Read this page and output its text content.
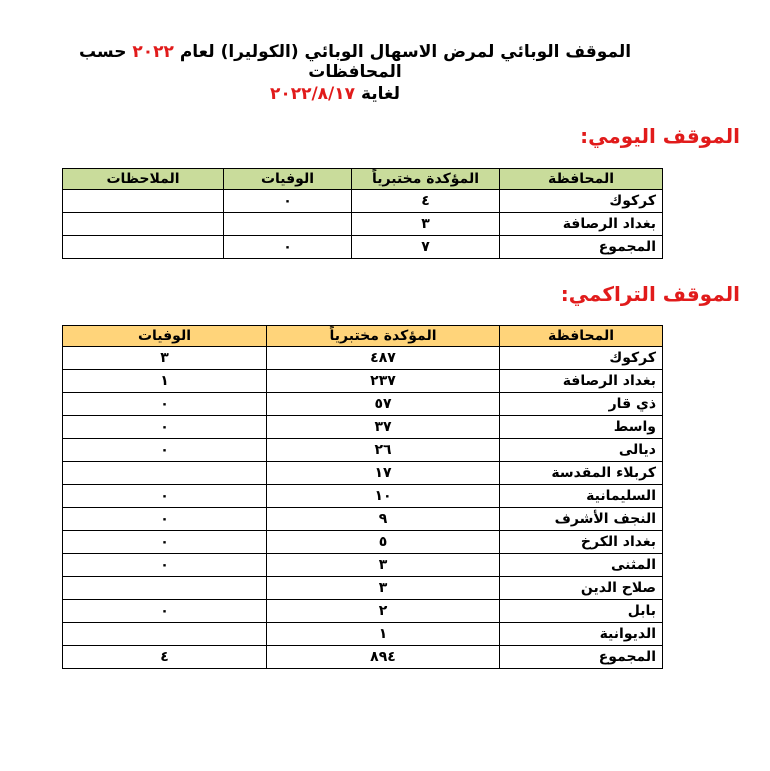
الموقف الوبائي لمرض الاسهال الوبائي (الكوليرا) لعام ٢٠٢٢ حسب المحافظات
لغاية ٢٠٢٢/٨/١٧
الموقف اليومي:
المحافظة	المؤكدة مختبرياً	الوفيات	الملاحظات
كركوك	٤	٠	
بغداد الرصافة	٣		
المجموع	٧	٠	
الموقف التراكمي:
المحافظة	المؤكدة مختبرياً	الوفيات
كركوك	٤٨٧	٣
بغداد الرصافة	٢٣٧	١
ذي قار	٥٧	٠
واسط	٣٧	٠
ديالى	٢٦	٠
كربلاء المقدسة	١٧	
السليمانية	١٠	٠
النجف الأشرف	٩	٠
بغداد الكرخ	٥	٠
المثنى	٣	٠
صلاح الدين	٣	
بابل	٢	٠
الديوانية	١	
المجموع	٨٩٤	٤
